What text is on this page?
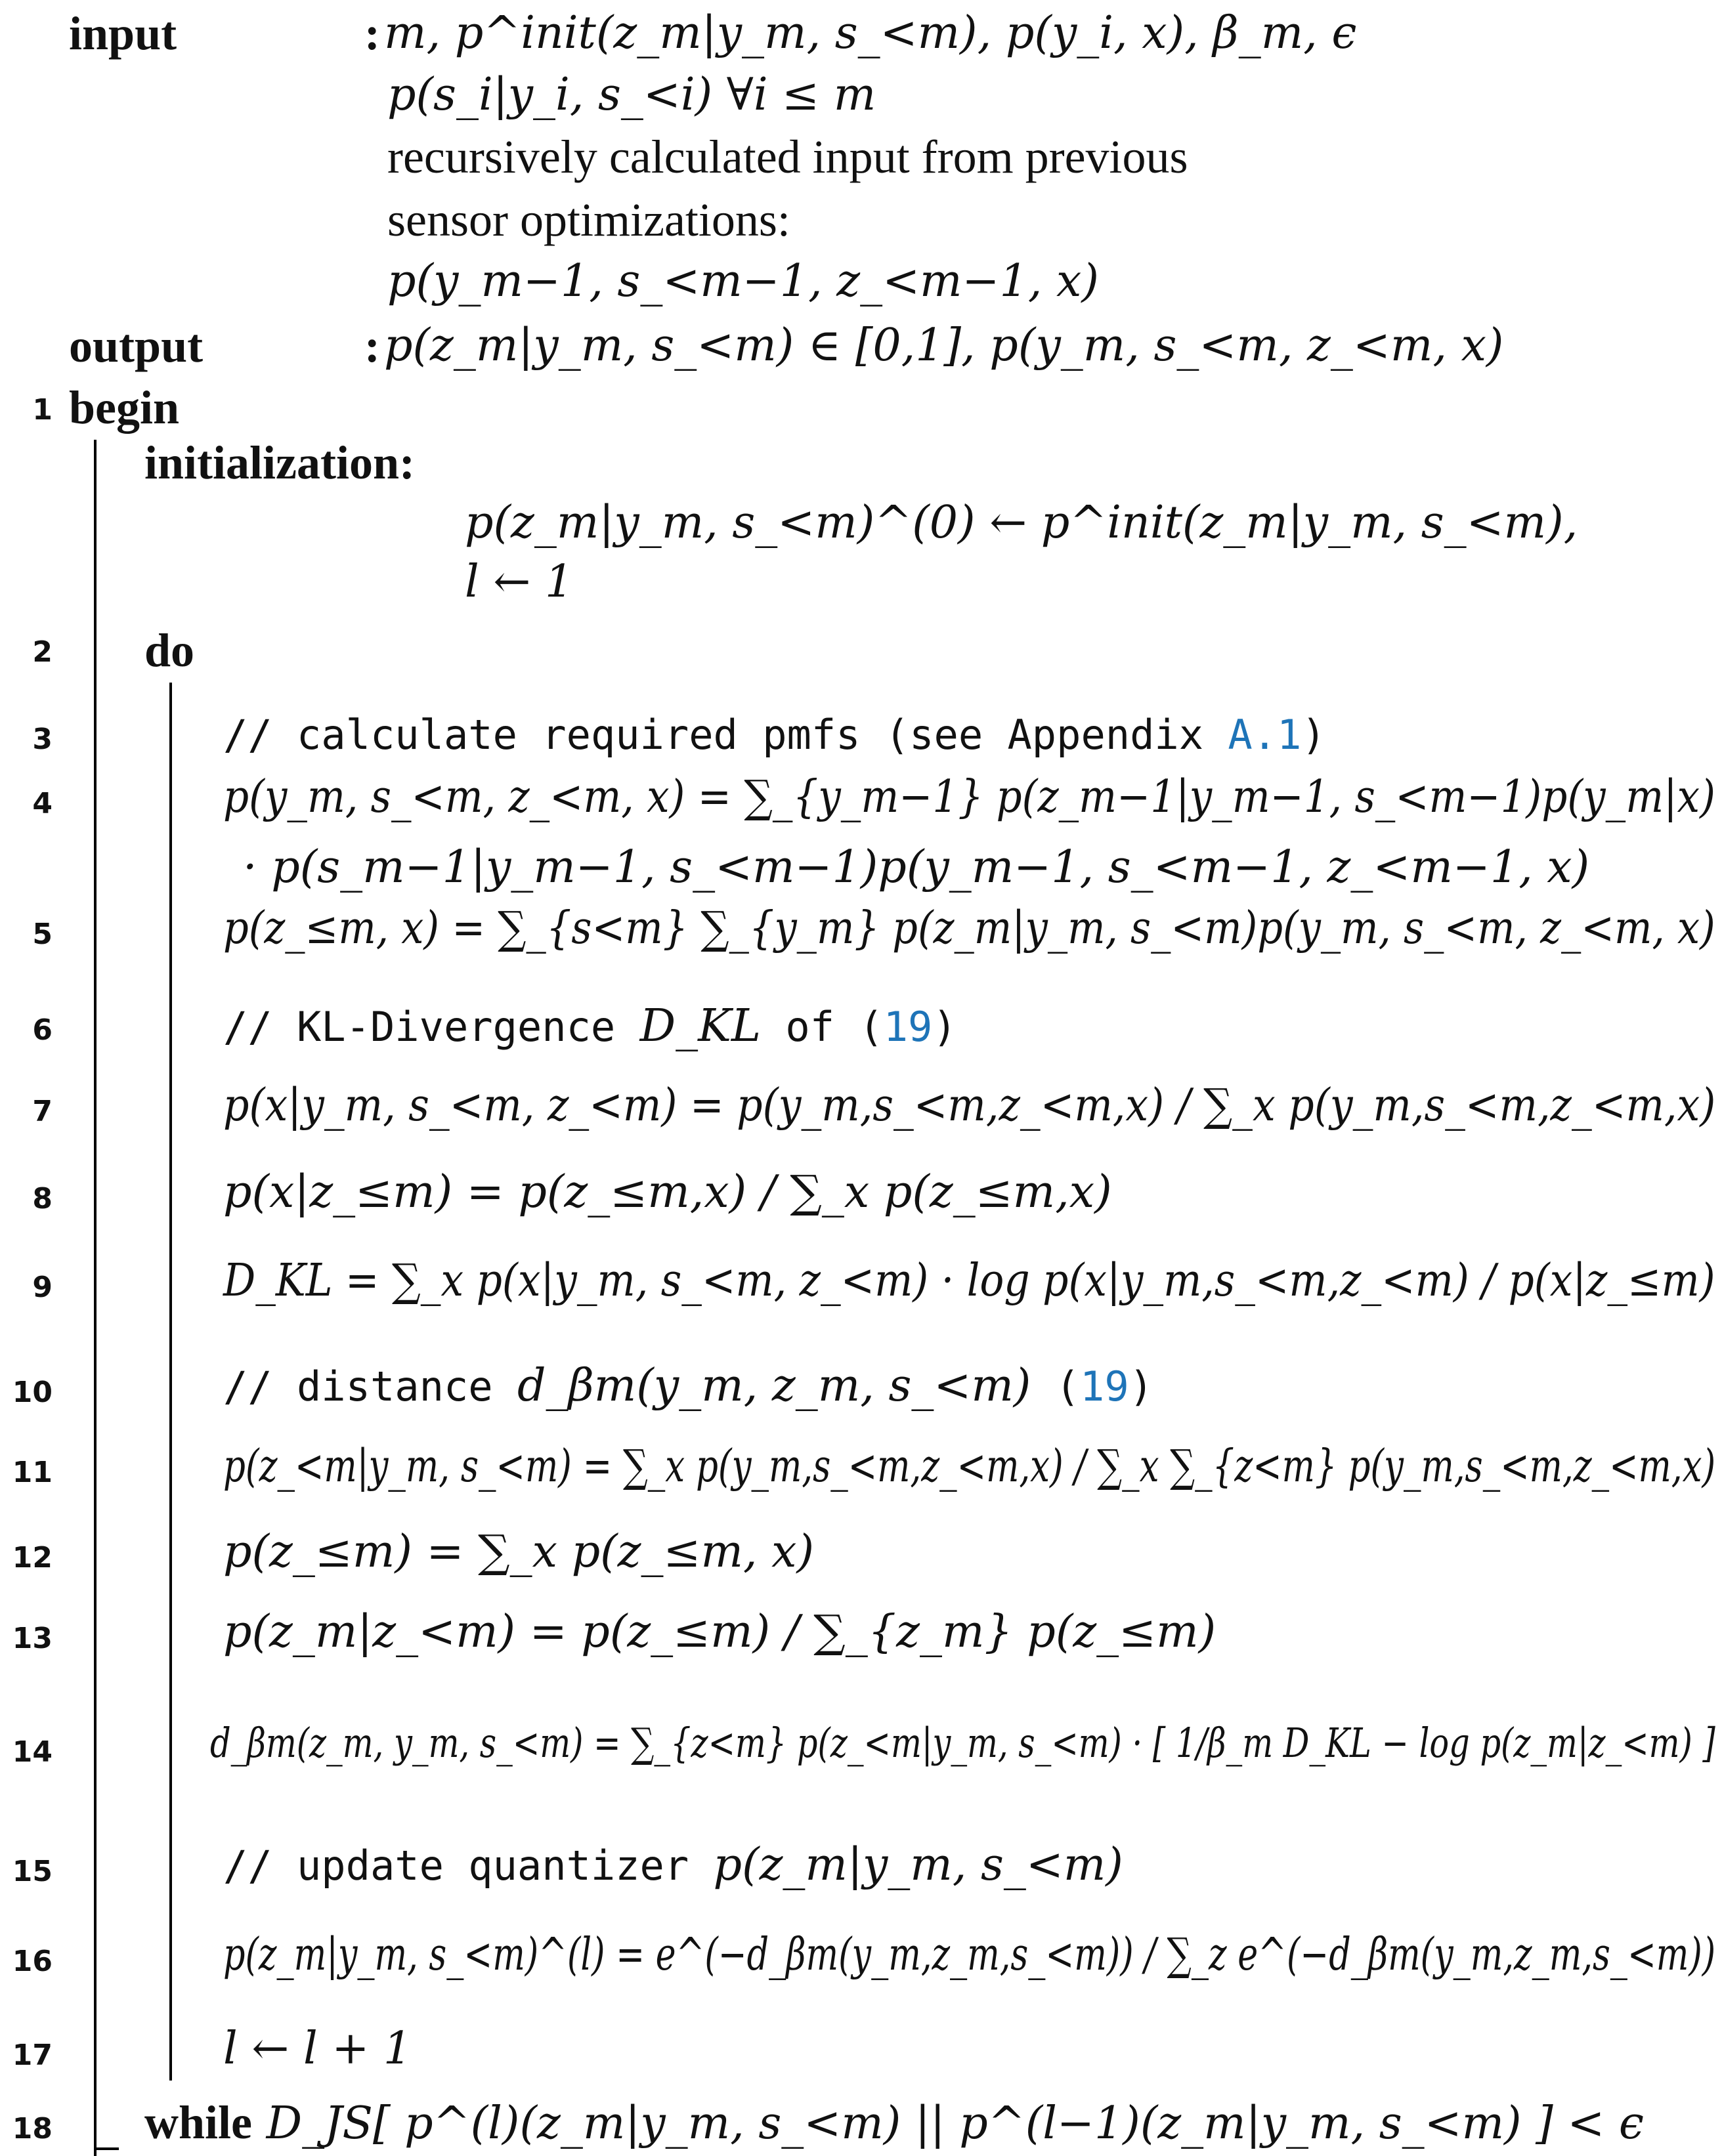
input	: m, p^init(z_m|y_m, s_<m), p(y_i, x), β_m, ϵ
p(s_i|y_i, s_<i) ∀i ≤ m
recursively calculated input from previous
sensor optimizations:
p(y_m−1, s_<m−1, z_<m−1, x)
output	: p(z_m|y_m, s_<m) ∈ [0,1], p(y_m, s_<m, z_<m, x)
1 begin
initialization:
p(z_m|y_m, s_<m)^(0) ← p^init(z_m|y_m, s_<m),
l ← 1
2 do
3	// calculate required pmfs (see Appendix A.1)
4	p(y_m, s_<m, z_<m, x) = ∑_{y_m−1} p(z_m−1|y_m−1, s_<m−1)p(y_m|x)
· p(s_m−1|y_m−1, s_<m−1)p(y_m−1, s_<m−1, z_<m−1, x)
5	p(z_≤m, x) = ∑_{s<m} ∑_{y_m} p(z_m|y_m, s_<m)p(y_m, s_<m, z_<m, x)
6	// KL-Divergence D_KL of (19)
7	p(x|y_m, s_<m, z_<m) = p(y_m,s_<m,z_<m,x) / ∑_x p(y_m,s_<m,z_<m,x)
8	p(x|z_≤m) = p(z_≤m,x) / ∑_x p(z_≤m,x)
9	D_KL = ∑_x p(x|y_m, s_<m, z_<m) · log p(x|y_m,s_<m,z_<m) / p(x|z_≤m)
10	// distance d_βm(y_m, z_m, s_<m) (19)
11	p(z_<m|y_m, s_<m) = ∑_x p(y_m,s_<m,z_<m,x) / ∑_x ∑_{z<m} p(y_m,s_<m,z_<m,x)
12	p(z_≤m) = ∑_x p(z_≤m, x)
13	p(z_m|z_<m) = p(z_≤m) / ∑_{z_m} p(z_≤m)
14	d_βm(z_m, y_m, s_<m) = ∑_{z<m} p(z_<m|y_m, s_<m) · [ 1/β_m D_KL − log p(z_m|z_<m) ]
15	// update quantizer p(z_m|y_m, s_<m)
16	p(z_m|y_m, s_<m)^(l) = e^(−d_βm(y_m,z_m,s_<m)) / ∑_z e^(−d_βm(y_m,z_m,s_<m))
17	l ← l + 1
18 while D_JS[ p^(l)(z_m|y_m, s_<m) || p^(l−1)(z_m|y_m, s_<m) ] < ϵ
